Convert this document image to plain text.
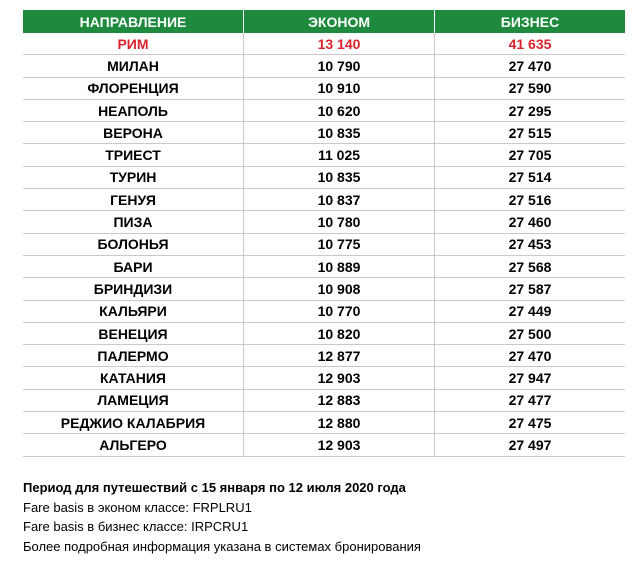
НАПРАВЛЕНИЕ	ЭКОНОМ	БИЗНЕС
РИМ	13 140	41 635
МИЛАН	10 790	27 470
ФЛОРЕНЦИЯ	10 910	27 590
НЕАПОЛЬ	10 620	27 295
ВЕРОНА	10 835	27 515
ТРИЕСТ	11 025	27 705
ТУРИН	10 835	27 514
ГЕНУЯ	10 837	27 516
ПИЗА	10 780	27 460
БОЛОНЬЯ	10 775	27 453
БАРИ	10 889	27 568
БРИНДИЗИ	10 908	27 587
КАЛЬЯРИ	10 770	27 449
ВЕНЕЦИЯ	10 820	27 500
ПАЛЕРМО	12 877	27 470
КАТАНИЯ	12 903	27 947
ЛАМЕЦИЯ	12 883	27 477
РЕДЖИО КАЛАБРИЯ	12 880	27 475
АЛЬГЕРО	12 903	27 497
Период для путешествий с 15 января по 12 июля 2020 года
Fare basis в эконом классе: FRPLRU1
Fare basis в бизнес классе: IRPCRU1
Более подробная информация указана в системах бронирования
